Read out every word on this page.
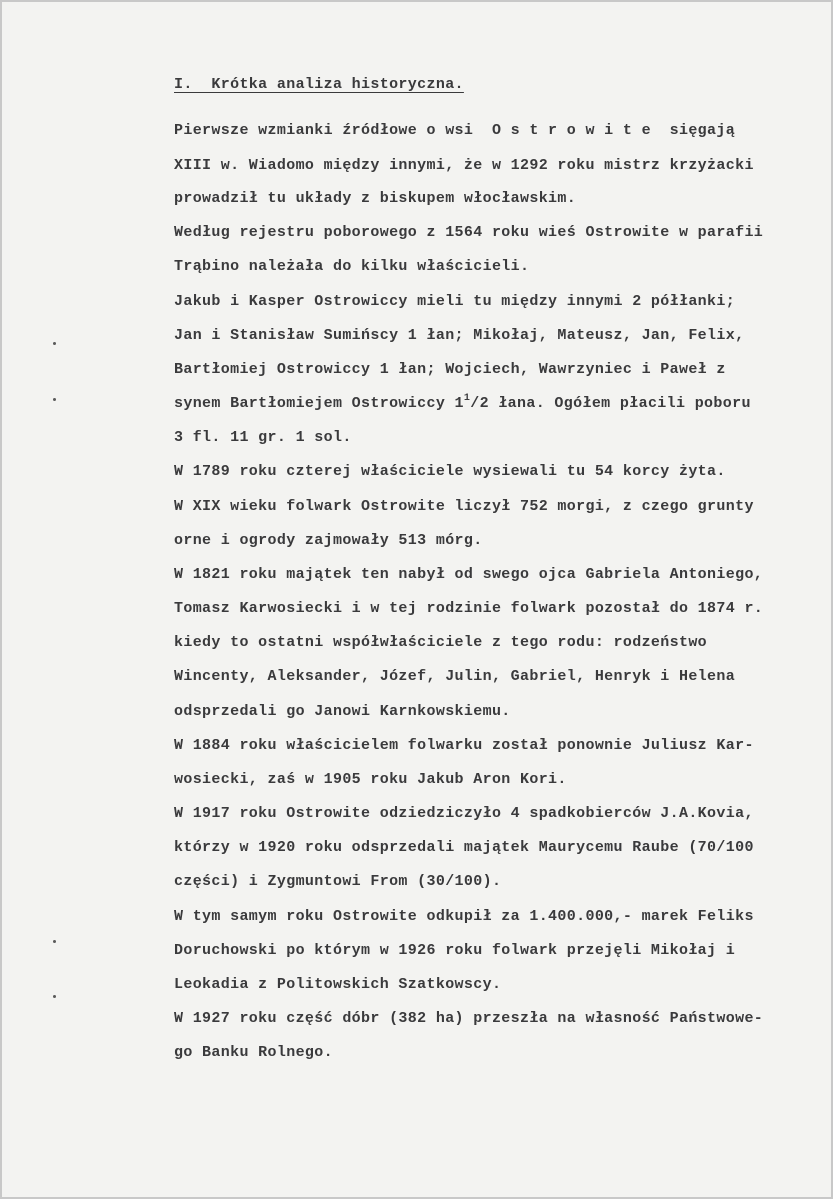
I.  Krótka analiza historyczna.
Pierwsze wzmianki źródłowe o wsi  O s t r o w i t e  sięgają
XIII w. Wiadomo między innymi, że w 1292 roku mistrz krzyżacki
prowadził tu układy z biskupem włocławskim.
Według rejestru poborowego z 1564 roku wieś Ostrowite w parafii
Trąbino należała do kilku właścicieli.
Jakub i Kasper Ostrowiccy mieli tu między innymi 2 półłanki;
Jan i Stanisław Sumińscy 1 łan; Mikołaj, Mateusz, Jan, Felix,
Bartłomiej Ostrowiccy 1 łan; Wojciech, Wawrzyniec i Paweł z
synem Bartłomiejem Ostrowiccy $1^1/2$ łana. Ogółem płacili poboru
3 fl. 11 gr. 1 sol.
W 1789 roku czterej właściciele wysiewali tu 54 korcy żyta.
W XIX wieku folwark Ostrowite liczył 752 morgi, z czego grunty
orne i ogrody zajmowały 513 mórg.
W 1821 roku majątek ten nabył od swego ojca Gabriela Antoniego,
Tomasz Karwosiecki i w tej rodzinie folwark pozostał do 1874 r.
kiedy to ostatni współwłaściciele z tego rodu: rodzeństwo
Wincenty, Aleksander, Józef, Julin, Gabriel, Henryk i Helena
odsprzedali go Janowi Karnkowskiemu.
W 1884 roku właścicielem folwarku został ponownie Juliusz Kar-
wosiecki, zaś w 1905 roku Jakub Aron Kori.
W 1917 roku Ostrowite odziedziczyło 4 spadkobierców J.A.Kovia,
którzy w 1920 roku odsprzedali majątek Maurycemu Raube (70/100
części) i Zygmuntowi From (30/100).
W tym samym roku Ostrowite odkupił za 1.400.000,- marek Feliks
Doruchowski po którym w 1926 roku folwark przejęli Mikołaj i
Leokadia z Politowskich Szatkowscy.
W 1927 roku część dóbr (382 ha) przeszła na własność Państwowe-
go Banku Rolnego.
